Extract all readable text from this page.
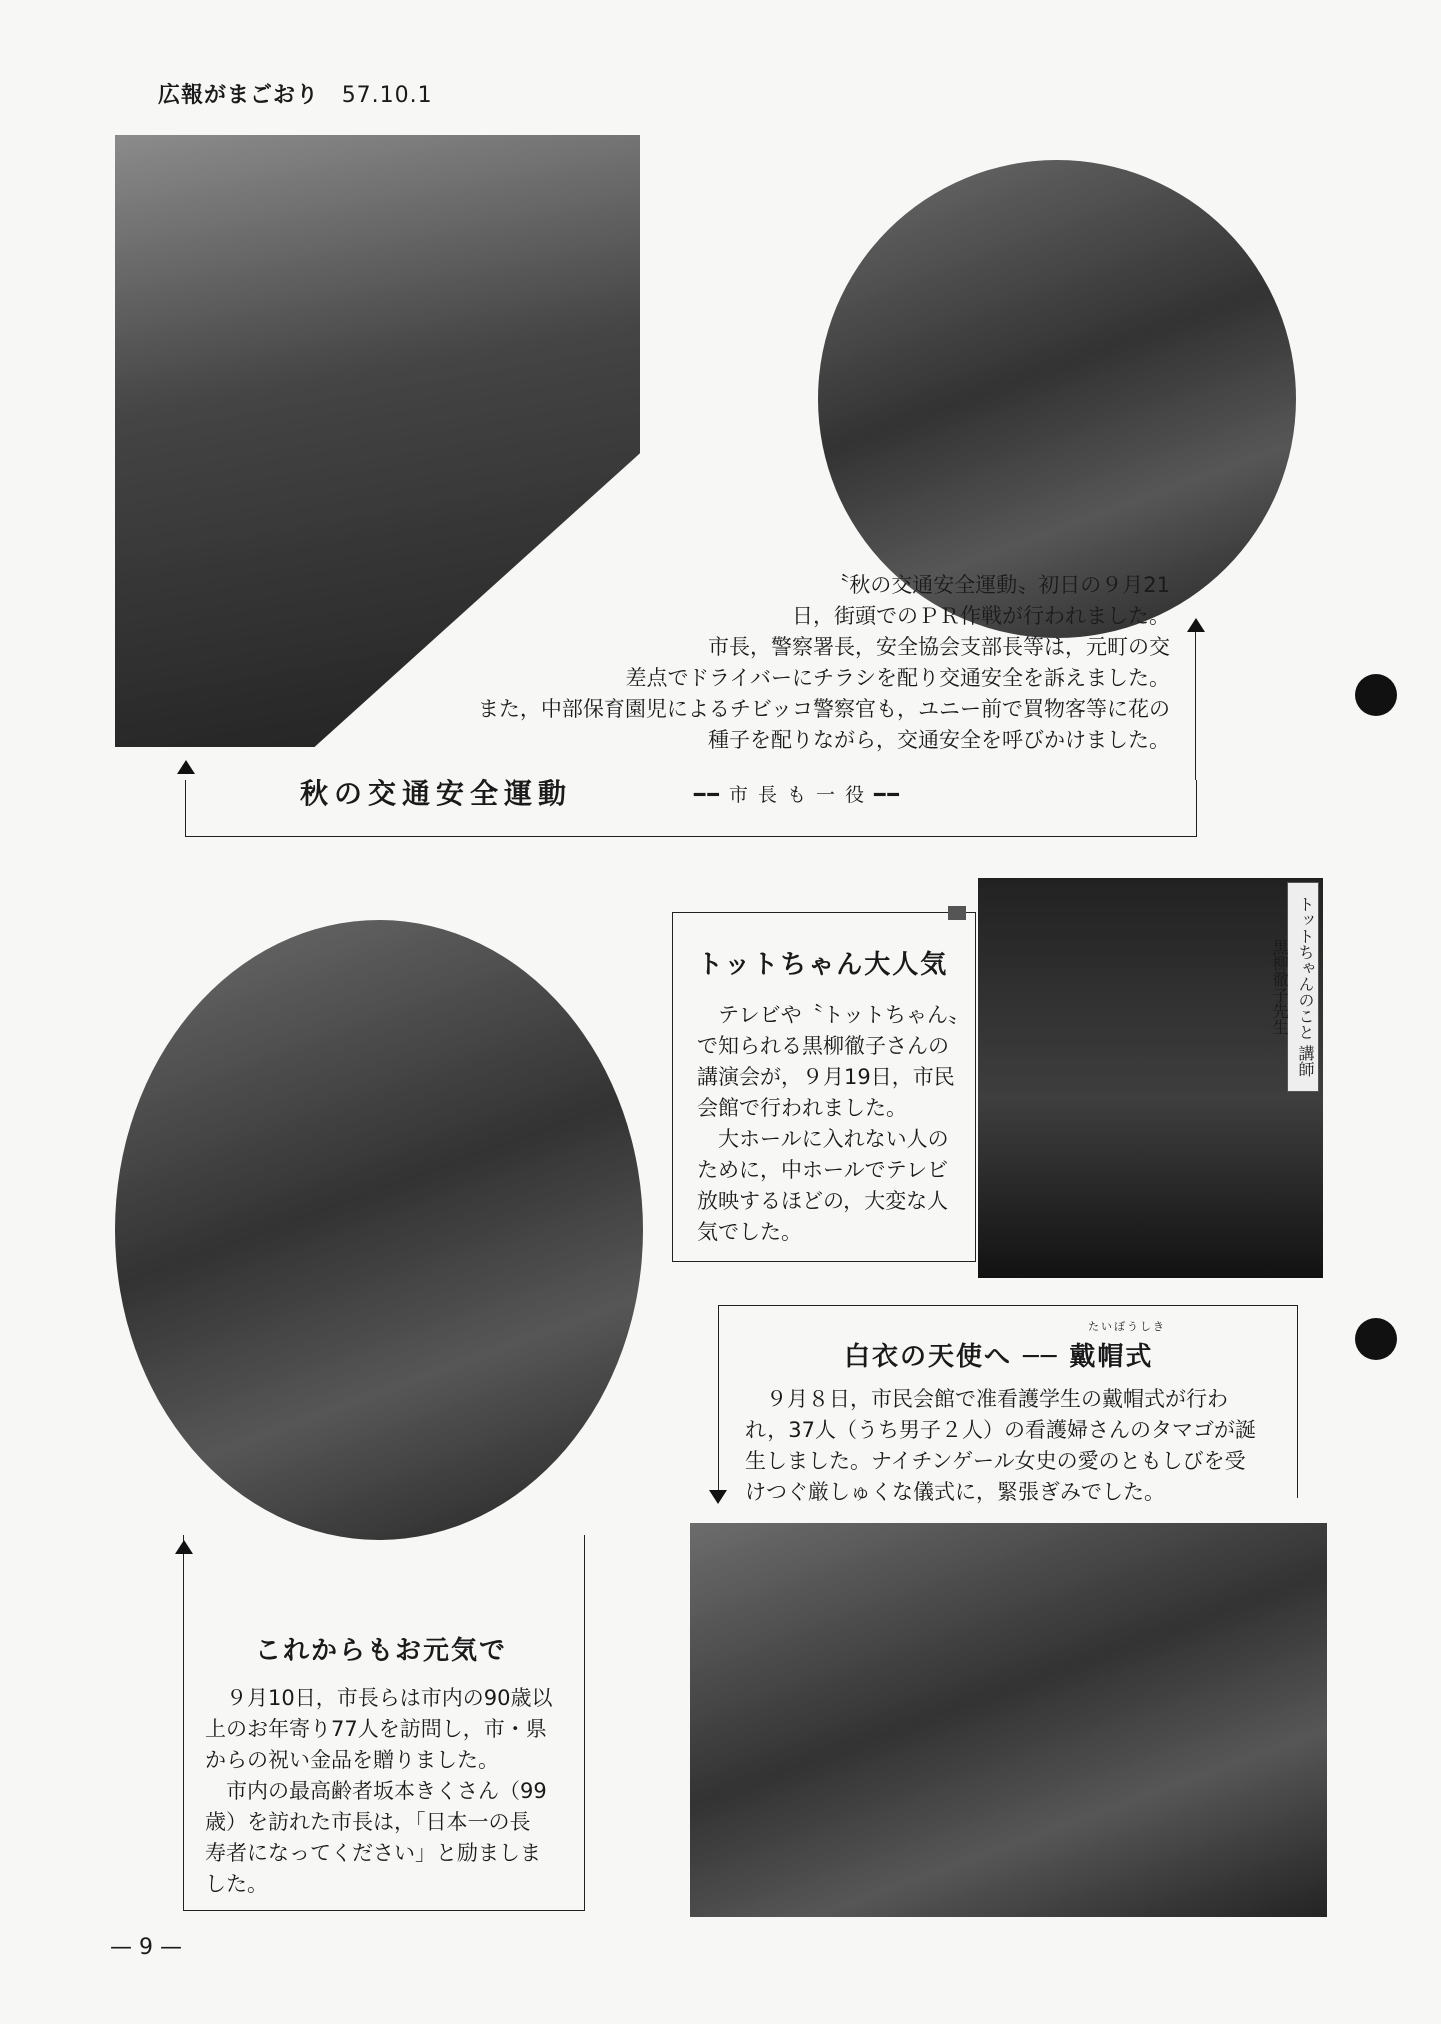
広報がまごおり 57.10.1

〝秋の交通安全運動〟初日の９月21

日，街頭でのＰＲ作戦が行われました。

市長，警察署長，安全協会支部長等は，元町の交

差点でドライバーにチラシを配り交通安全を訴えました。

また，中部保育園児によるチビッコ警察官も，ユニー前で買物客等に花の

種子を配りながら，交通安全を呼びかけました。

秋の交通安全運動	━━ 市 長 も 一 役 ━━
トットちゃんのこと 講師 黒柳徹子先生
トットちゃん大人気
テレビや〝トットちゃん〟
で知られる黒柳徹子さんの
講演会が，９月19日，市民
会館で行われました。
大ホールに入れない人の
ために，中ホールでテレビ
放映するほどの，大変な人
気でした。
たいぼうしき
白衣の天使へ ── 戴帽式
９月８日，市民会館で准看護学生の戴帽式が行わ
れ，37人（うち男子２人）の看護婦さんのタマゴが誕
生しました。ナイチンゲール女史の愛のともしびを受
けつぐ厳しゅくな儀式に，緊張ぎみでした。
これからもお元気で
９月10日，市長らは市内の90歳以
上のお年寄り77人を訪問し，市・県
からの祝い金品を贈りました。
市内の最高齢者坂本きくさん（99
歳）を訪れた市長は，「日本一の長
寿者になってください」と励ましま
した。
— 9 —
